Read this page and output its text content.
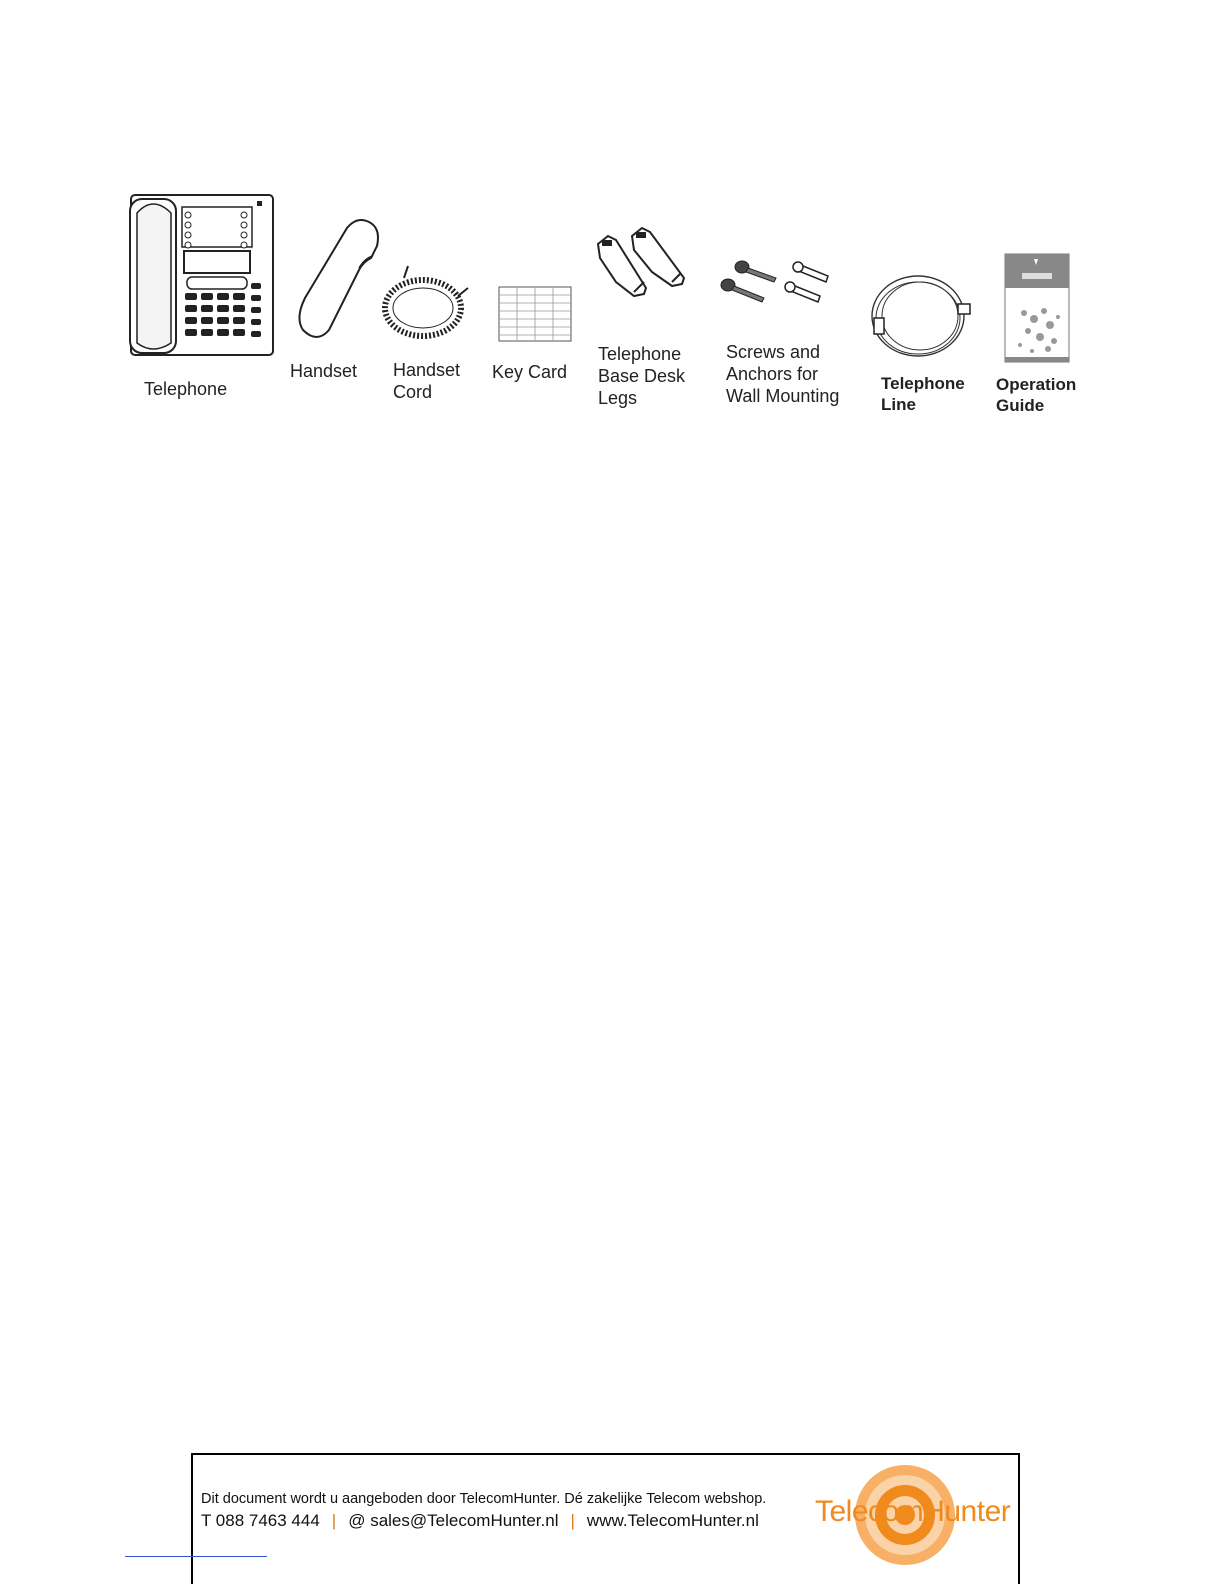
Telephone
Handset Handset
Cord
Key Card
Telephone
Base Desk
Legs
Screws and
Anchors for
Wall Mounting
Telephone
Line
Operation
Guide
Dit document wordt u aangeboden door TelecomHunter. Dé zakelijke Telecom webshop.
T 088 7463 444 | @ sales@TelecomHunter.nl | www.TelecomHunter.nl TelecomHunter
